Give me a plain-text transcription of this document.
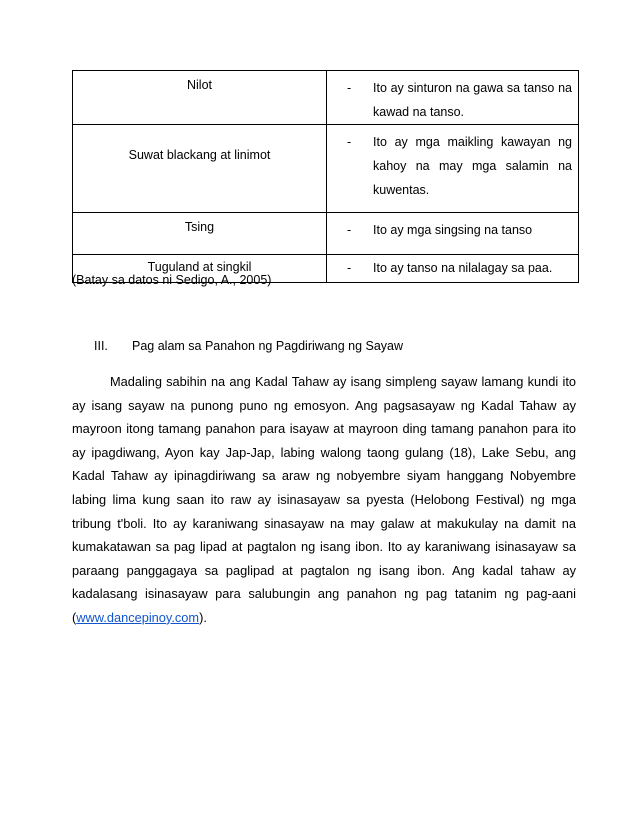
Nilot	- Ito ay sinturon na gawa sa tanso na kawad na tanso.

Suwat blackang at linimot	- Ito ay mga maikling kawayan ng kahoy na may mga salamin na kuwentas.

Tsing	- Ito ay mga singsing na tanso

Tuguland at singkil	- Ito ay tanso na nilalagay sa paa.
(Batay sa datos ni Sedigo, A., 2005)
III. Pag alam sa Panahon ng Pagdiriwang ng Sayaw

Madaling sabihin na ang Kadal Tahaw ay isang simpleng sayaw lamang kundi ito ay isang sayaw na punong puno ng emosyon. Ang pagsasayaw ng Kadal Tahaw ay mayroon itong tamang panahon para isayaw at mayroon ding tamang panahon para ito ay ipagdiwang, Ayon kay Jap-Jap, labing walong taong gulang (18), Lake Sebu, ang Kadal Tahaw ay ipinagdiriwang sa araw ng nobyembre siyam hanggang Nobyembre labing lima kung saan ito raw ay isinasayaw sa pyesta (Helobong Festival) ng mga tribung t'boli. Ito ay karaniwang sinasayaw na may galaw at makukulay na damit na kumakatawan sa pag lipad at pagtalon ng isang ibon. Ito ay karaniwang isinasayaw sa paraang panggagaya sa paglipad at pagtalon ng isang ibon. Ang kadal tahaw ay kadalasang isinasayaw para salubungin ang panahon ng pag tatanim ng pag-aani (www.dancepinoy.com).
